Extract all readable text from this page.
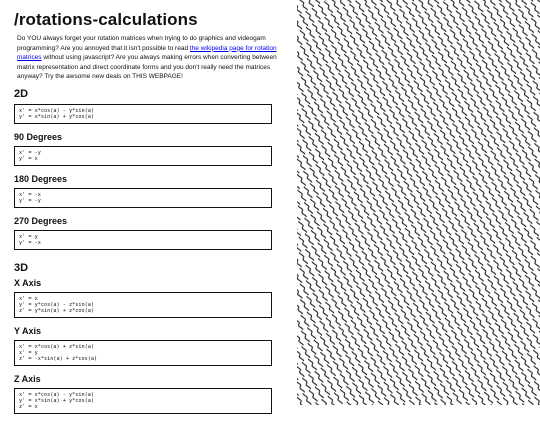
/rotations-calculations

Do YOU always forget your rotation matrices when trying to do graphics and videogam programming? Are you annoyed that it isn't possible to read the wikipedia page for rotation matrices without using javascript? Are you always making errors when converting between matrix representation and direct coordinate forms and you don't really need the matrices anyway? Try the awsome new deals on THIS WEBPAGE!

2D
x' = x*cos(a) - y*sin(a)
y' = x*sin(a) + y*cos(a)
90 Degrees
x' = -y
y' = x
180 Degrees
x' = -x
y' = -y
270 Degrees
x' = y
y' = -x
3D
X Axis
x' = x
y' = y*cos(a) - z*sin(a)
z' = y*sin(a) + z*cos(a)
Y Axis
x' = x*cos(a) + z*sin(a)
x' = y
z' = -x*sin(a) + z*cos(a)
Z Axis
x' = x*cos(a) - y*sin(a)
y' = x*sin(a) + y*cos(a)
z' = x
